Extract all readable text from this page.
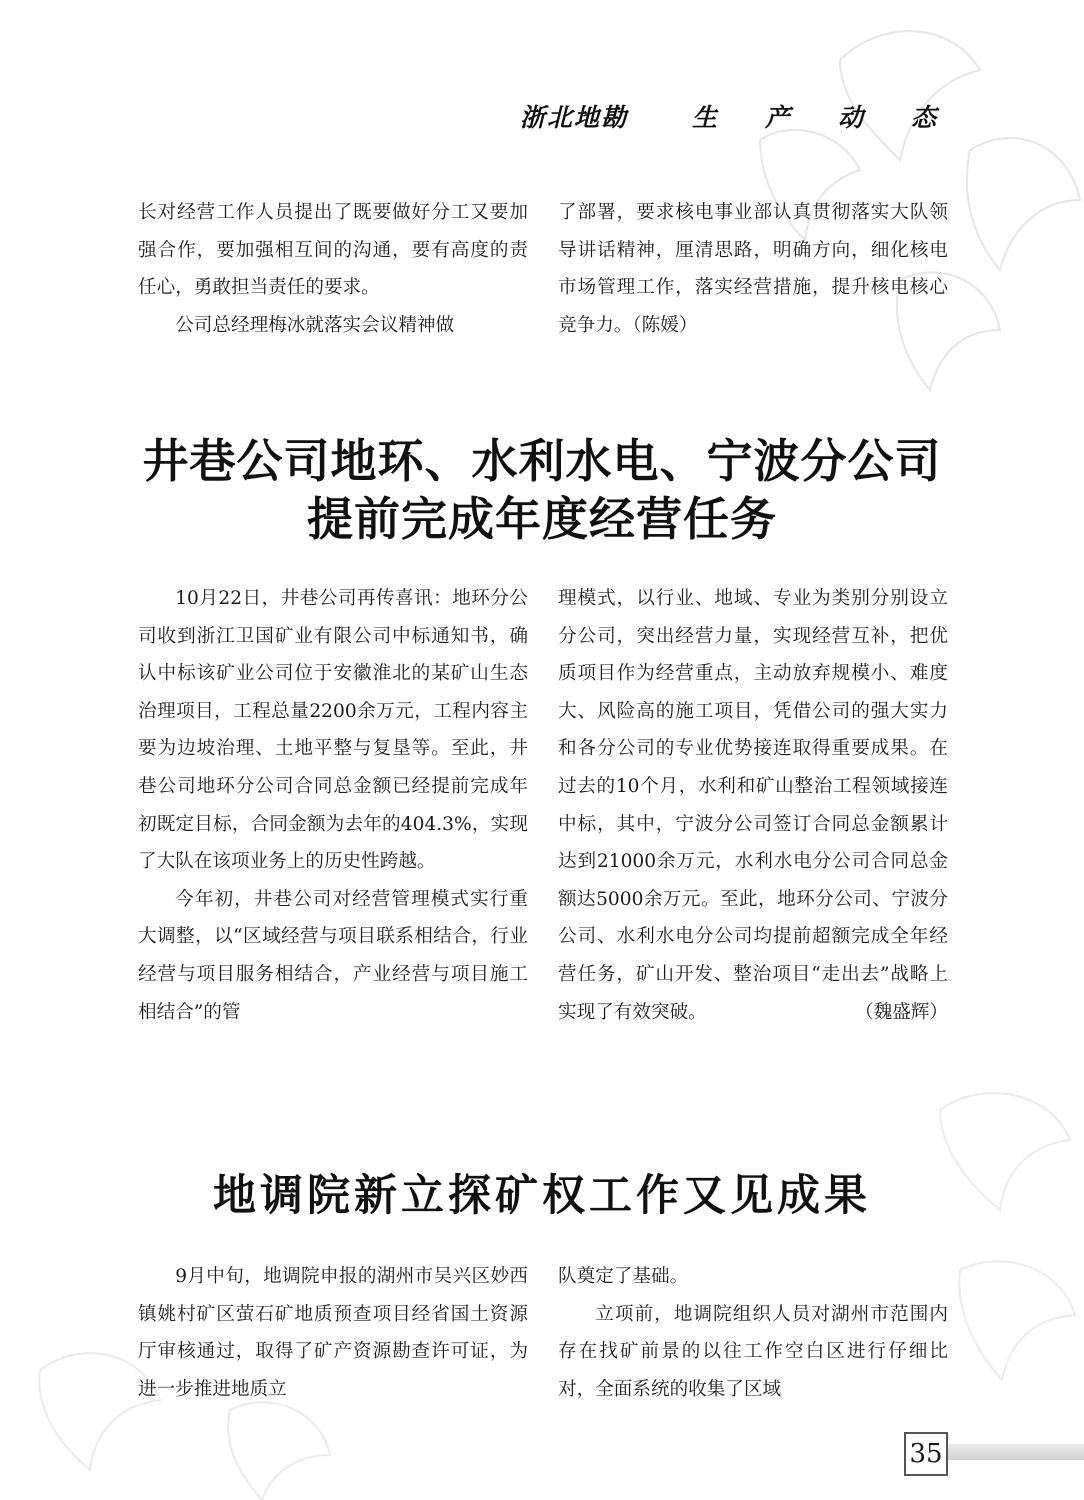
浙北地勘	生产动态

长对经营工作人员提出了既要做好分工又要加强合作，要加强相互间的沟通，要有高度的责任心，勇敢担当责任的要求。

公司总经理梅冰就落实会议精神做

了部署，要求核电事业部认真贯彻落实大队领导讲话精神，厘清思路，明确方向，细化核电市场管理工作，落实经营措施，提升核电核心竞争力。（陈媛）

井巷公司地环、水利水电、宁波分公司
提前完成年度经营任务

10月22日，井巷公司再传喜讯：地环分公司收到浙江卫国矿业有限公司中标通知书，确认中标该矿业公司位于安徽淮北的某矿山生态治理项目，工程总量2200余万元，工程内容主要为边坡治理、土地平整与复垦等。至此，井巷公司地环分公司合同总金额已经提前完成年初既定目标，合同金额为去年的404.3%，实现了大队在该项业务上的历史性跨越。

今年初，井巷公司对经营管理模式实行重大调整，以“区域经营与项目联系相结合，行业经营与项目服务相结合，产业经营与项目施工相结合”的管

理模式，以行业、地域、专业为类别分别设立分公司，突出经营力量，实现经营互补，把优质项目作为经营重点，主动放弃规模小、难度大、风险高的施工项目，凭借公司的强大实力和各分公司的专业优势接连取得重要成果。在过去的10个月，水利和矿山整治工程领域接连中标，其中，宁波分公司签订合同总金额累计达到21000余万元，水利水电分公司合同总金额达5000余万元。至此，地环分公司、宁波分公司、水利水电分公司均提前超额完成全年经营任务，矿山开发、整治项目“走出去”战略上实现了有效突破。	（魏盛辉）

地调院新立探矿权工作又见成果

9月中旬，地调院申报的湖州市吴兴区妙西镇姚村矿区萤石矿地质预查项目经省国土资源厅审核通过，取得了矿产资源勘查许可证，为进一步推进地质立

队奠定了基础。

立项前，地调院组织人员对湖州市范围内存在找矿前景的以往工作空白区进行仔细比对，全面系统的收集了区域

35
